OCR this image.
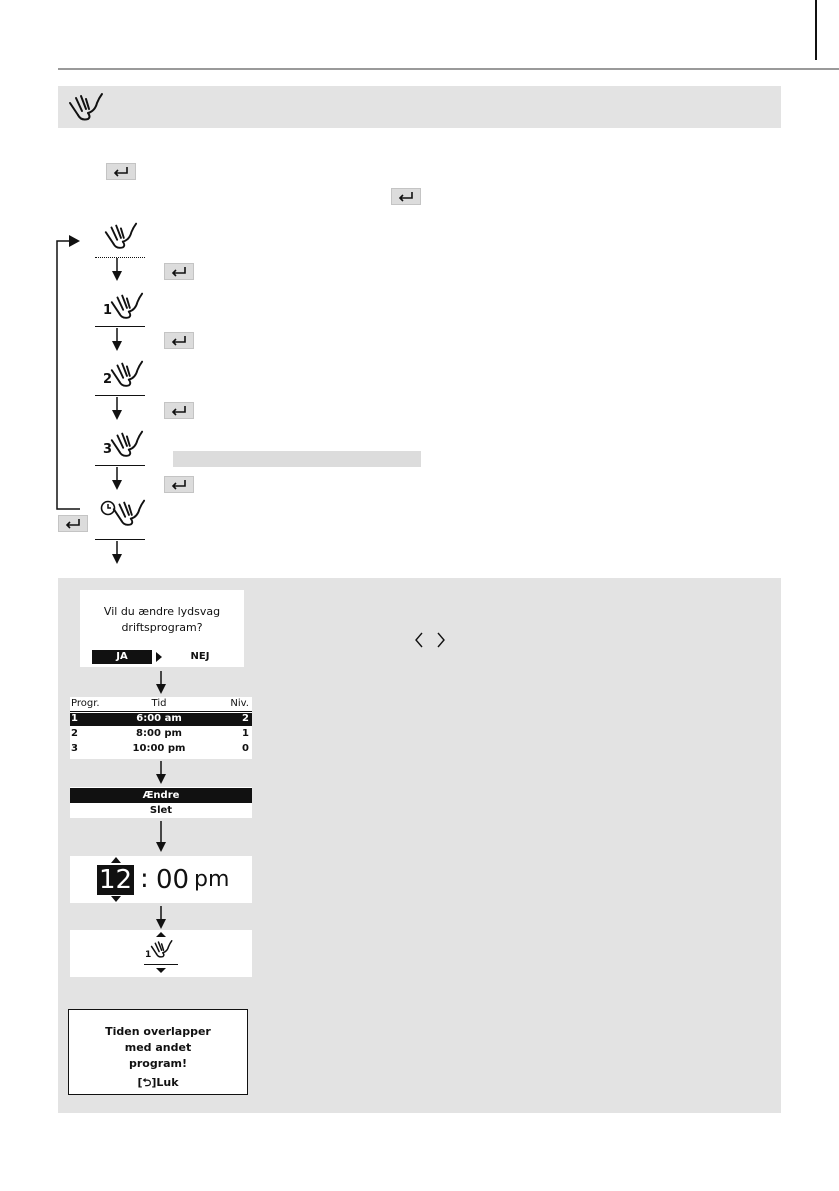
1
2
3
Vil du ændre lydsvag driftsprogram?
JA	NEJ
Progr.	Tid	Niv.
1	6:00 am	2
2	8:00 pm	1
3	10:00 pm	0
Ændre
Slet
12 : 00 pm
1
Tiden overlapper med andet program!
[⮌]Luk
